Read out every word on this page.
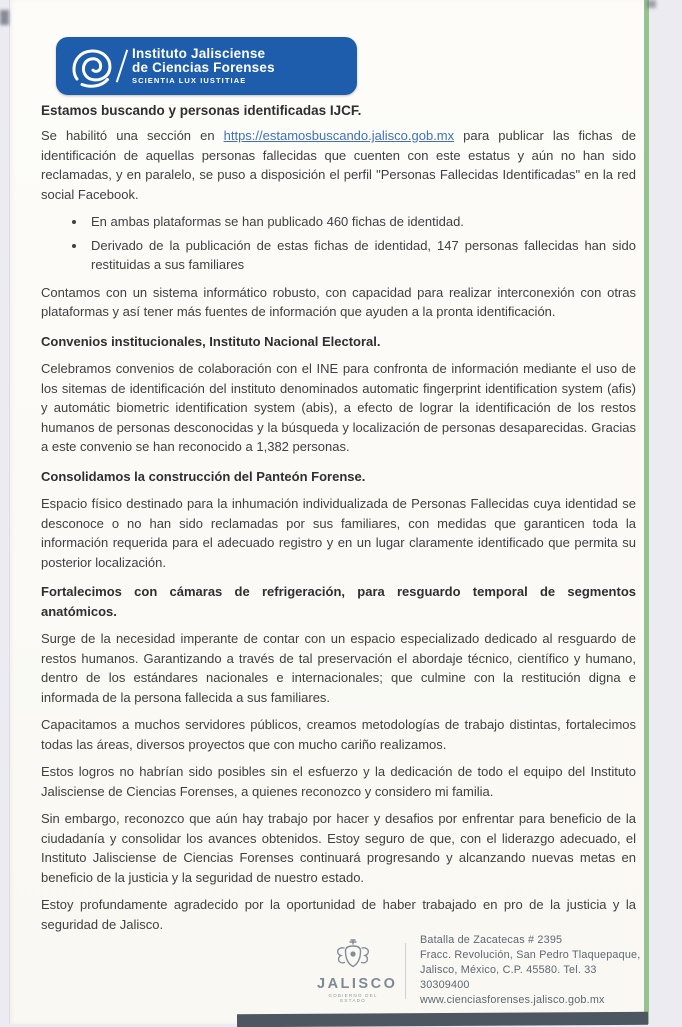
Instituto Jalisciense
de Ciencias Forenses
SCIENTIA LUX IUSTITIAE
Estamos buscando y personas identificadas IJCF.

Se habilitó una sección en https://estamosbuscando.jalisco.gob.mx para publicar las fichas de identificación de aquellas personas fallecidas que cuenten con este estatus y aún no han sido reclamadas, y en paralelo, se puso a disposición el perfil "Personas Fallecidas Identificadas" en la red social Facebook.

• En ambas plataformas se han publicado 460 fichas de identidad.
• Derivado de la publicación de estas fichas de identidad, 147 personas fallecidas han sido restituidas a sus familiares

Contamos con un sistema informático robusto, con capacidad para realizar interconexión con otras plataformas y así tener más fuentes de información que ayuden a la pronta identificación.

Convenios institucionales, Instituto Nacional Electoral.

Celebramos convenios de colaboración con el INE para confronta de información mediante el uso de los sitemas de identificación del instituto denominados automatic fingerprint identification system (afis) y automátic biometric identification system (abis), a efecto de lograr la identificación de los restos humanos de personas desconocidas y la búsqueda y localización de personas desaparecidas. Gracias a este convenio se han reconocido a 1,382 personas.

Consolidamos la construcción del Panteón Forense.

Espacio físico destinado para la inhumación individualizada de Personas Fallecidas cuya identidad se desconoce o no han sido reclamadas por sus familiares, con medidas que garanticen toda la información requerida para el adecuado registro y en un lugar claramente identificado que permita su posterior localización.

Fortalecimos con cámaras de refrigeración, para resguardo temporal de segmentos anatómicos.

Surge de la necesidad imperante de contar con un espacio especializado dedicado al resguardo de restos humanos. Garantizando a través de tal preservación el abordaje técnico, científico y humano, dentro de los estándares nacionales e internacionales; que culmine con la restitución digna e informada de la persona fallecida a sus familiares.

Capacitamos a muchos servidores públicos, creamos metodologías de trabajo distintas, fortalecimos todas las áreas, diversos proyectos que con mucho cariño realizamos.

Estos logros no habrían sido posibles sin el esfuerzo y la dedicación de todo el equipo del Instituto Jalisciense de Ciencias Forenses, a quienes reconozco y considero mi familia.

Sin embargo, reconozco que aún hay trabajo por hacer y desafios por enfrentar para beneficio de la ciudadanía y consolidar los avances obtenidos. Estoy seguro de que, con el liderazgo adecuado, el Instituto Jalisciense de Ciencias Forenses continuará progresando y alcanzando nuevas metas en beneficio de la justicia y la seguridad de nuestro estado.

Estoy profundamente agradecido por la oportunidad de haber trabajado en pro de la justicia y la seguridad de Jalisco.

JALISCO
GOBIERNO DEL ESTADO
Batalla de Zacatecas # 2395
Fracc. Revolución, San Pedro Tlaquepaque,
Jalisco, México, C.P. 45580. Tel. 33 30309400
www.cienciasforenses.jalisco.gob.mx
